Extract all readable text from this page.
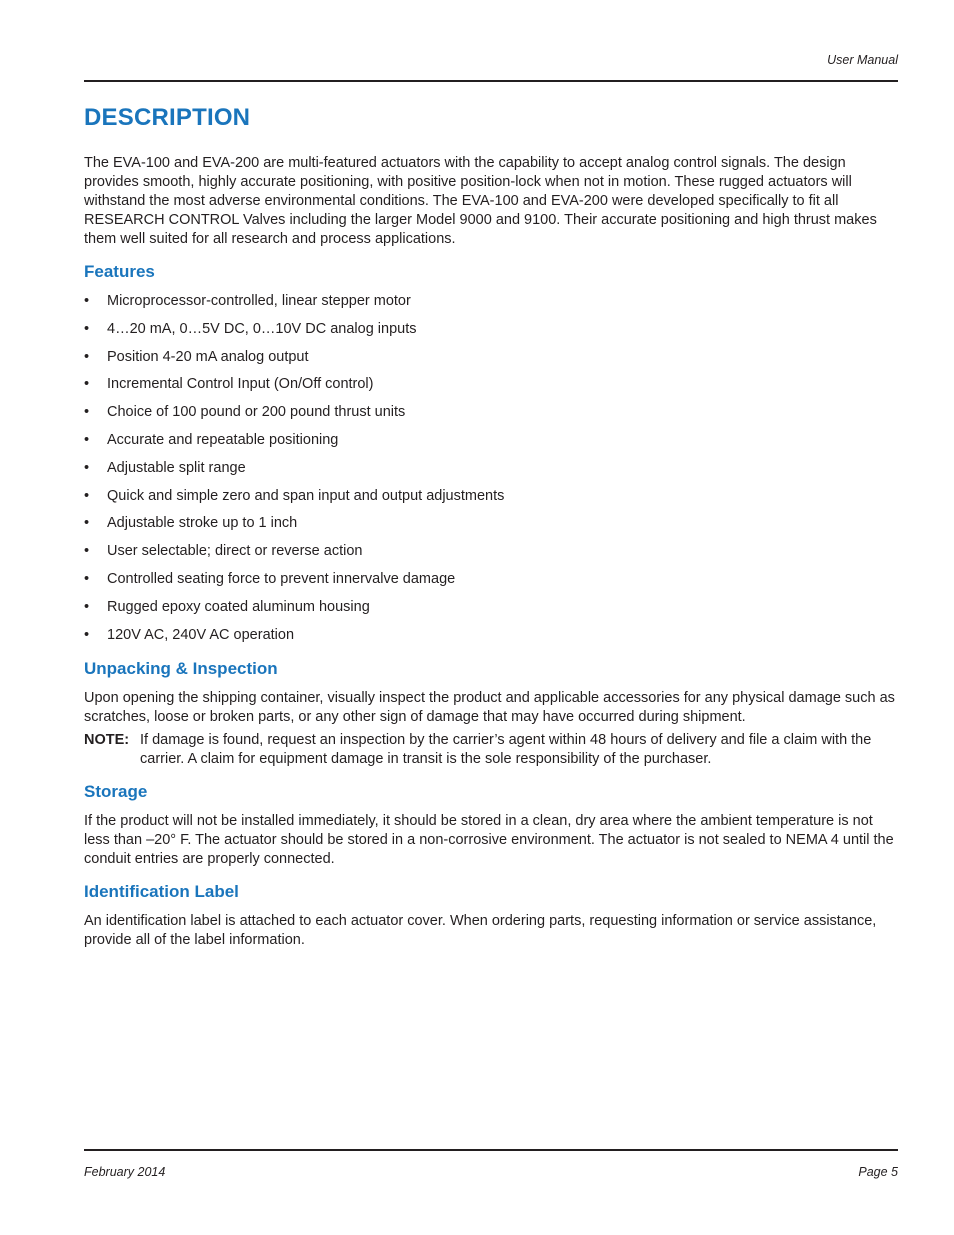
User Manual
DESCRIPTION

The EVA-100 and EVA-200 are multi-featured actuators with the capability to accept analog control signals. The design provides smooth, highly accurate positioning, with positive position-lock when not in motion. These rugged actuators will withstand the most adverse environmental conditions. The EVA-100 and EVA-200 were developed specifically to fit all RESEARCH CONTROL Valves including the larger Model 9000 and 9100. Their accurate positioning and high thrust makes them well suited for all research and process applications.

Features
• Microprocessor-controlled, linear stepper motor
• 4…20 mA, 0…5V DC, 0…10V DC analog inputs
• Position 4-20 mA analog output
• Incremental Control Input (On/Off control)
• Choice of 100 pound or 200 pound thrust units
• Accurate and repeatable positioning
• Adjustable split range
• Quick and simple zero and span input and output adjustments
• Adjustable stroke up to 1 inch
• User selectable; direct or reverse action
• Controlled seating force to prevent innervalve damage
• Rugged epoxy coated aluminum housing
• 120V AC, 240V AC operation
Unpacking & Inspection

Upon opening the shipping container, visually inspect the product and applicable accessories for any physical damage such as scratches, loose or broken parts, or any other sign of damage that may have occurred during shipment.

NOTE: If damage is found, request an inspection by the carrier’s agent within 48 hours of delivery and file a claim with the carrier. A claim for equipment damage in transit is the sole responsibility of the purchaser.
Storage

If the product will not be installed immediately, it should be stored in a clean, dry area where the ambient temperature is not less than –20° F. The actuator should be stored in a non-corrosive environment. The actuator is not sealed to NEMA 4 until the conduit entries are properly connected.

Identification Label

An identification label is attached to each actuator cover. When ordering parts, requesting information or service assistance, provide all of the label information.

February 2014	Page 5
